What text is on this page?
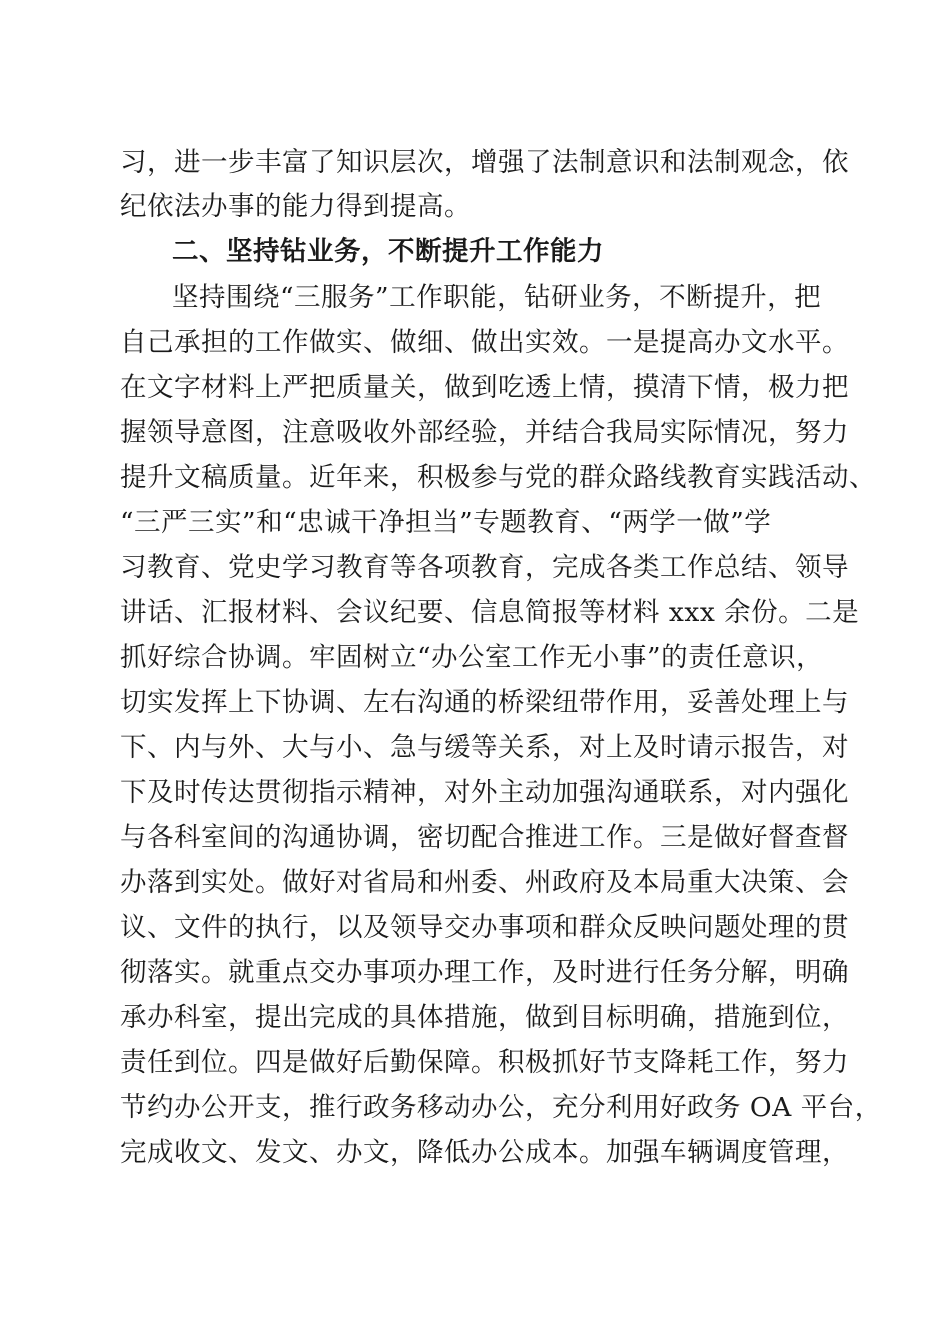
习，进一步丰富了知识层次，增强了法制意识和法制观念，依
纪依法办事的能力得到提高。
二、坚持钻业务，不断提升工作能力
坚持围绕“三服务”工作职能，钻研业务，不断提升，把
自己承担的工作做实、做细、做出实效。一是提高办文水平。
在文字材料上严把质量关，做到吃透上情，摸清下情，极力把
握领导意图，注意吸收外部经验，并结合我局实际情况，努力
提升文稿质量。近年来，积极参与党的群众路线教育实践活动、
“三严三实”和“忠诚干净担当”专题教育、“两学一做”学
习教育、党史学习教育等各项教育，完成各类工作总结、领导
讲话、汇报材料、会议纪要、信息简报等材料 xxx 余份。二是
抓好综合协调。牢固树立“办公室工作无小事”的责任意识，
切实发挥上下协调、左右沟通的桥梁纽带作用，妥善处理上与
下、内与外、大与小、急与缓等关系，对上及时请示报告，对
下及时传达贯彻指示精神，对外主动加强沟通联系，对内强化
与各科室间的沟通协调，密切配合推进工作。三是做好督查督
办落到实处。做好对省局和州委、州政府及本局重大决策、会
议、文件的执行，以及领导交办事项和群众反映问题处理的贯
彻落实。就重点交办事项办理工作，及时进行任务分解，明确
承办科室，提出完成的具体措施，做到目标明确，措施到位，
责任到位。四是做好后勤保障。积极抓好节支降耗工作，努力
节约办公开支，推行政务移动办公，充分利用好政务 OA 平台，
完成收文、发文、办文，降低办公成本。加强车辆调度管理，
